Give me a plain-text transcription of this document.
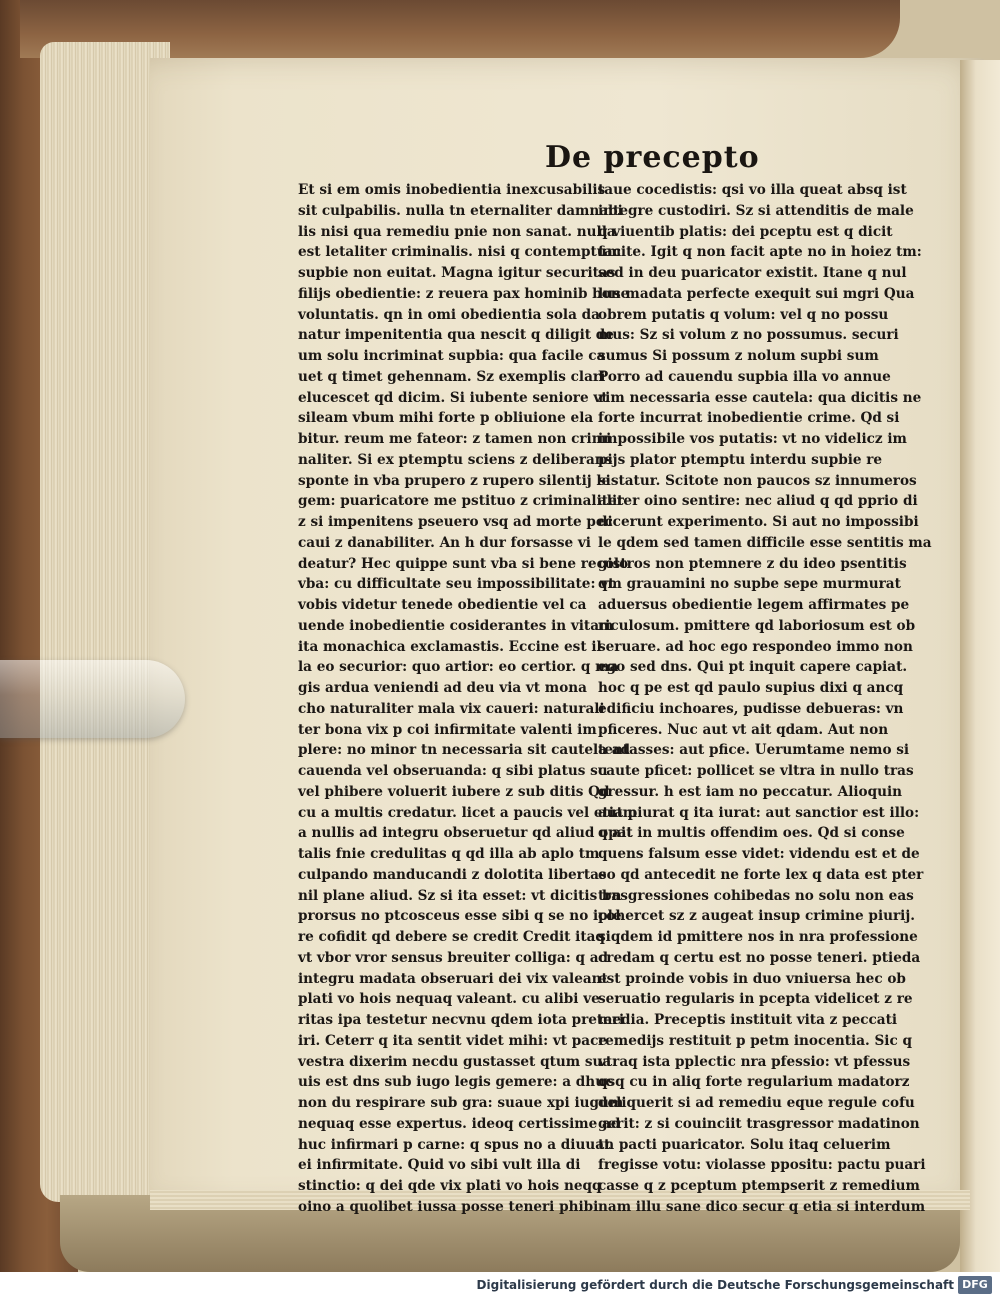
De precepto
Et si em omis inobedientia inexcusabilis
sit culpabilis. nulla tn eternaliter damnabi
lis nisi qua remediu pnie non sanat. nulla
est letaliter criminalis. nisi q contemptum
supbie non euitat. Magna igitur securitas
filijs obedientie: z reuera pax hominib bone
voluntatis. qn in omi obedientia sola da
natur impenitentia qua nescit q diligit de
um solu incriminat supbia: qua facile ca
uet q timet gehennam. Sz exemplis clari
elucescet qd dicim. Si iubente seniore vt
sileam vbum mihi forte p obliuione ela
bitur. reum me fateor: z tamen non crimi
naliter. Si ex ptemptu sciens z deliberans
sponte in vba prupero z rupero silentij le
gem: puaricatore me pstituo z criminaliter
z si impenitens pseuero vsq ad morte pec
caui z danabiliter. An h dur forsasse vi
deatur? Hec quippe sunt vba si bene recolo
vba: cu difficultate seu impossibilitate: vt
vobis videtur tenede obedientie vel ca
uende inobedientie cosiderantes in vitam
ita monachica exclamastis. Eccine est il
la eo securior: quo artior: eo certior. q ma
gis ardua veniendi ad deu via vt mona
cho naturaliter mala vix caueri: naturali
ter bona vix p coi infirmitate valenti im
plere: no minor tn necessaria sit cautela ad
cauenda vel obseruanda: q sibi platus su
vel phibere voluerit iubere z sub ditis Qd
cu a multis credatur. licet a paucis vel etiam
a nullis ad integru obseruetur qd aliud opat
talis fnie credulitas q qd illa ab aplo tm
culpando manducandi z dolotita libertas
nil plane aliud. Sz si ita esset: vt dicitis bn
prorsus no ptcosceus esse sibi q se no iple
re cofidit qd debere se credit Credit itaq
vt vbor vror sensus breuiter colliga: q ad
integru madata obseruari dei vix valeant
plati vo hois nequaq valeant. cu alibi ve
ritas ipa testetur necvnu qdem iota preteri
iri. Ceterr q ita sentit videt mihi: vt pace
vestra dixerim necdu gustasset qtum sua
uis est dns sub iugo legis gemere: a dhuc
non du respirare sub gra: suaue xpi iugum
nequaq esse expertus. ideoq certissime ad
huc infirmari p carne: q spus no a diuuat
ei infirmitate. Quid vo sibi vult illa di
stinctio: q dei qde vix plati vo hois neqq
oino a quolibet iussa posse teneri phibi
taue cocedistis: qsi vo illa queat absq ist
integre custodiri. Sz si attenditis de male
q viuentib platis: dei pceptu est q dicit
facite. Igit q non facit apte no in hoiez tm:
sed in deu puaricator existit. Itane q nul
lus madata perfecte exequit sui mgri Qua
obrem putatis q volum: vel q no possu
mus: Sz si volum z no possumus. securi
sumus Si possum z nolum supbi sum
Porro ad cauendu supbia illa vo annue
rim necessaria esse cautela: qua dicitis ne
forte incurrat inobedientie crime. Qd si
impossibile vos putatis: vt no videlicz im
pijs plator ptemptu interdu supbie re
sistatur. Scitote non paucos sz innumeros
aliter oino sentire: nec aliud q qd pprio di
dicerunt experimento. Si aut no impossibi
le qdem sed tamen difficile esse sentitis ma
gistros non ptemnere z du ideo psentitis
qm grauamini no supbe sepe murmurat
aduersus obedientie legem affirmates pe
riculosum. pmittere qd laboriosum est ob
seruare. ad hoc ego respondeo immo non
ego sed dns. Qui pt inquit capere capiat.
hoc q pe est qd paulo supius dixi q ancq
edificiu inchoares, pudisse debueras: vn
pficeres. Nuc aut vt ait qdam. Aut non
tentasses: aut pfice. Uerumtame nemo si
caute pficet: pollicet se vltra in nullo tras
gressur. h est iam no peccatur. Alioquin
aut piurat q ita iurat: aut sanctior est illo:
q ait in multis offendim oes. Qd si conse
quens falsum esse videt: videndu est et de
eo qd antecedit ne forte lex q data est pter
trasgressiones cohibedas no solu non eas
cohercet sz z augeat insup crimine piurij.
siqdem id pmittere nos in nra professione
credam q certu est no posse teneri. ptieda
est proinde vobis in duo vniuersa hec ob
seruatio regularis in pcepta videlicet z re
media. Preceptis instituit vita z peccati
remedijs restituit p petm inocentia. Sic q
vtraq ista pplectic nra pfessio: vt pfessus
qsq cu in aliq forte regularium madatorz
deliquerit si ad remediu eque regule cofu
gerit: z si couinciit trasgressor madatinon
tn pacti puaricator. Solu itaq celuerim
fregisse votu: violasse ppositu: pactu puari
casse q z pceptum ptempserit z remedium
nam illu sane dico secur q etia si interdum
Digitalisierung gefördert durch die Deutsche Forschungsgemeinschaft DFG
